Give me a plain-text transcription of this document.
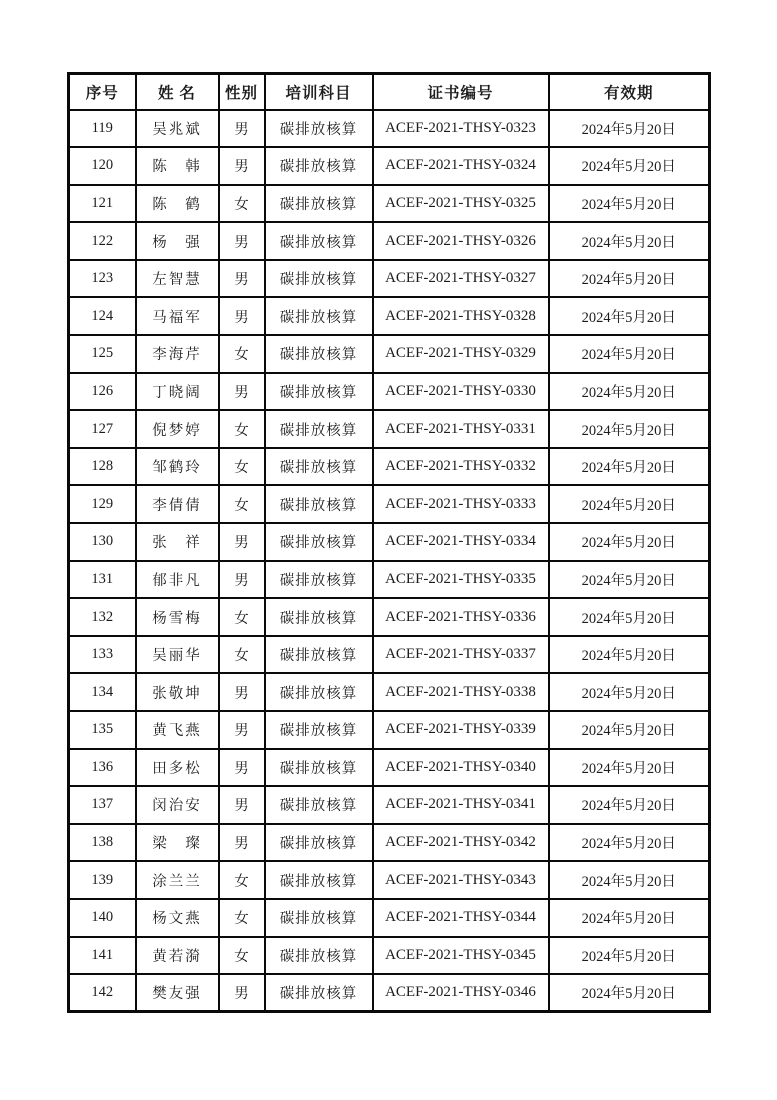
序号	姓 名	性别	培训科目	证书编号	有效期
119	吴兆斌	男	碳排放核算	ACEF-2021-THSY-0323	2024年5月20日
120	陈　韩	男	碳排放核算	ACEF-2021-THSY-0324	2024年5月20日
121	陈　鹤	女	碳排放核算	ACEF-2021-THSY-0325	2024年5月20日
122	杨　强	男	碳排放核算	ACEF-2021-THSY-0326	2024年5月20日
123	左智慧	男	碳排放核算	ACEF-2021-THSY-0327	2024年5月20日
124	马福军	男	碳排放核算	ACEF-2021-THSY-0328	2024年5月20日
125	李海芹	女	碳排放核算	ACEF-2021-THSY-0329	2024年5月20日
126	丁晓阔	男	碳排放核算	ACEF-2021-THSY-0330	2024年5月20日
127	倪梦婷	女	碳排放核算	ACEF-2021-THSY-0331	2024年5月20日
128	邹鹤玲	女	碳排放核算	ACEF-2021-THSY-0332	2024年5月20日
129	李倩倩	女	碳排放核算	ACEF-2021-THSY-0333	2024年5月20日
130	张　祥	男	碳排放核算	ACEF-2021-THSY-0334	2024年5月20日
131	郁非凡	男	碳排放核算	ACEF-2021-THSY-0335	2024年5月20日
132	杨雪梅	女	碳排放核算	ACEF-2021-THSY-0336	2024年5月20日
133	吴丽华	女	碳排放核算	ACEF-2021-THSY-0337	2024年5月20日
134	张敬坤	男	碳排放核算	ACEF-2021-THSY-0338	2024年5月20日
135	黄飞燕	男	碳排放核算	ACEF-2021-THSY-0339	2024年5月20日
136	田多松	男	碳排放核算	ACEF-2021-THSY-0340	2024年5月20日
137	闵治安	男	碳排放核算	ACEF-2021-THSY-0341	2024年5月20日
138	梁　璨	男	碳排放核算	ACEF-2021-THSY-0342	2024年5月20日
139	涂兰兰	女	碳排放核算	ACEF-2021-THSY-0343	2024年5月20日
140	杨文燕	女	碳排放核算	ACEF-2021-THSY-0344	2024年5月20日
141	黄若漪	女	碳排放核算	ACEF-2021-THSY-0345	2024年5月20日
142	樊友强	男	碳排放核算	ACEF-2021-THSY-0346	2024年5月20日
